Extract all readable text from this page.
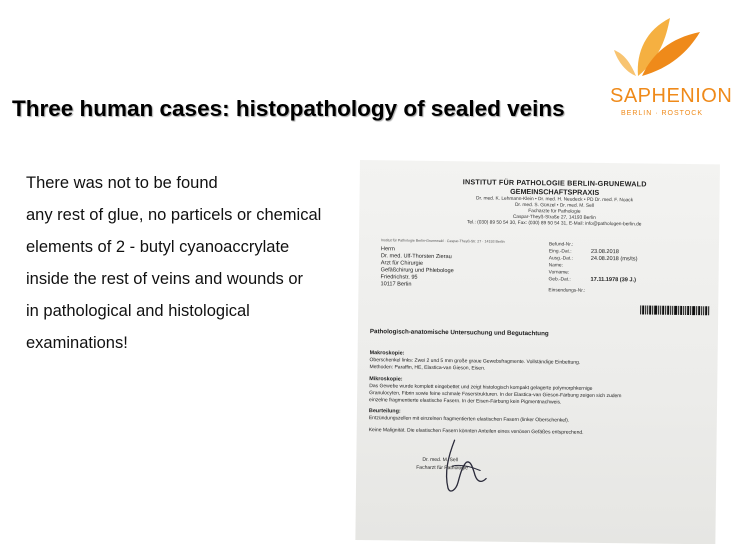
SAPHENION
BERLIN · ROSTOCK
Three human cases: histopathology of sealed veins
There was not to be found
any rest of glue, no particels or chemical
elements of 2 - butyl cyanoaccrylate
inside the rest of veins and wounds or
in pathological and histological
examinations!
INSTITUT FÜR PATHOLOGIE BERLIN-GRUNEWALD
GEMEINSCHAFTSPRAXIS
Dr. med. K. Lehmann-Klein • Dr. med. H. Neudeck • PD Dr. med. F. Noack
Dr. med. S. Günzel • Dr. med. M. Sell
Fachärzte für Pathologie
Caspar-Theyß-Straße 27, 14193 Berlin
Tel.: (030) 89 50 54 30, Fax: (030) 89 50 54 31, E-Mail: info@pathologen-berlin.de
Institut für Pathologie Berlin-Grunewald · Caspar-Theyß-Str. 27 · 14193 Berlin
Herrn
Dr. med. Ulf-Thorsten Zierau
Arzt für Chirurgie
Gefäßchirurg und Phlebologe
Friedrichstr. 95
10117 Berlin
Befund-Nr.:
Eing.-Dat.:	23.08.2018
Ausg.-Dat.:	24.08.2018 (ms/ts)
Name:
Vorname:
Geb.-Dat.:	17.11.1978 (39 J.)
Einsendungs-Nr.:
Pathologisch-anatomische Untersuchung und Begutachtung
Makroskopie:
Oberschenkel links: Zwei 2 und 5 mm große graue Gewebsfragmente. Vollständige Einbettung.
Methoden: Paraffin, HE, Elastica-van Gieson, Eisen.
Mikroskopie:
Das Gewebe wurde komplett eingebettet und zeigt histologisch kompakt gelagerte polymorphkernige
Granulocyten, Fibrin sowie feine schmale Faserstrukturen. In der Elastica-van Gieson-Färbung zeigen sich zudem
einzelne fragmentierte elastische Fasern. In der Eisen-Färbung kein Pigmentnachweis.
Beurteilung:
Entzündungszellen mit einzelnen fragmentierten elastischen Fasern (linker Oberschenkel).
Keine Malignität. Die elastischen Fasern könnten Anteilen eines venösen Gefäßes entsprechend.
Dr. med. M. Sell
Facharzt für Pathologie
